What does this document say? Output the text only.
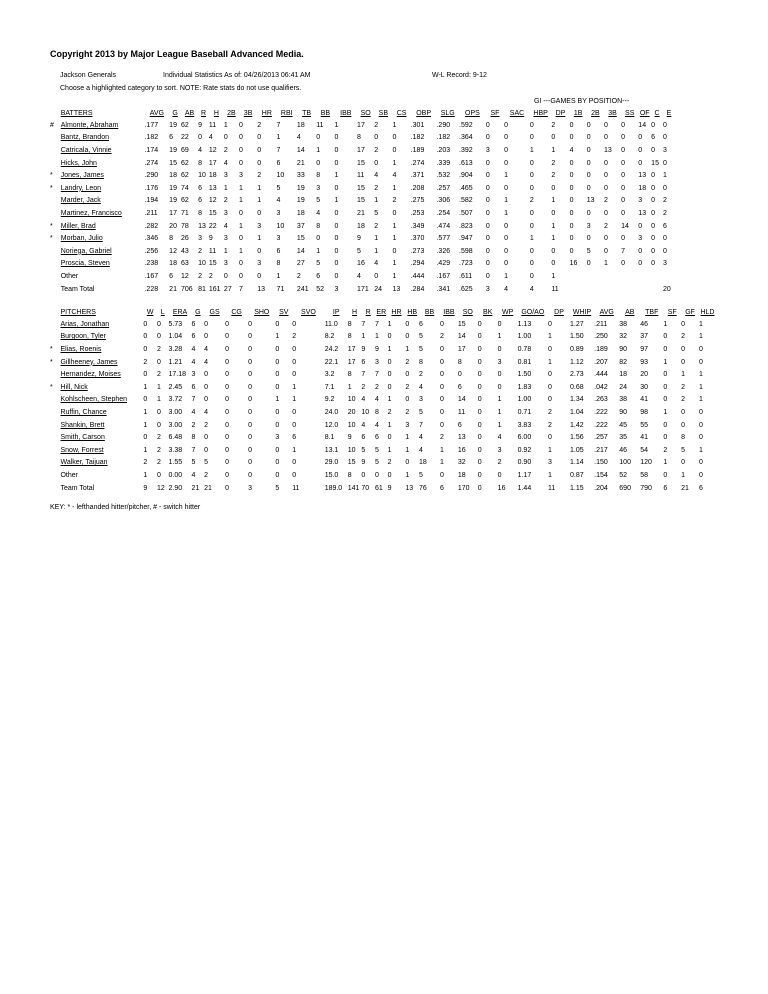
Copyright 2013 by Major League Baseball Advanced Media.
Jackson Generals	Individual Statistics As of: 04/26/2013 06:41 AM	W-L Record: 9-12
Choose a highlighted category to sort. NOTE: Rate stats do not use qualifiers.
GI ---GAMES BY POSITION---
	BATTERS	AVG	G	AB	R	H	2B	3B	HR	RBI	TB	BB	IBB	SO	SB	CS	OBP	SLG	OPS	SF	SAC	HBP	DP	1B	2B	3B	SS	OF	C	E
#	Almonte, Abraham	.177	19	62	9	11	1	0	2	7	18	11	1	17	2	1	.301	.290	.592	0	0	0	2	0	0	0	0	14	0	0
	Bantz, Brandon	.182	6	22	0	4	0	0	0	1	4	0	0	8	0	0	.182	.182	.364	0	0	0	0	0	0	0	0	0	6	0
	Catricala, Vinnie	.174	19	69	4	12	2	0	0	7	14	1	0	17	2	0	.189	.203	.392	3	0	1	1	4	0	13	0	0	0	3
	Hicks, John	.274	15	62	8	17	4	0	0	6	21	0	0	15	0	1	.274	.339	.613	0	0	0	2	0	0	0	0	0	15	0
*	Jones, James	.290	18	62	10	18	3	3	2	10	33	8	1	11	4	4	.371	.532	.904	0	1	0	2	0	0	0	0	13	0	1
*	Landry, Leon	.176	19	74	6	13	1	1	1	5	19	3	0	15	2	1	.208	.257	.465	0	0	0	0	0	0	0	0	18	0	0
	Marder, Jack	.194	19	62	6	12	2	1	1	4	19	5	1	15	1	2	.275	.306	.582	0	1	2	1	0	13	2	0	3	0	2
	Martinez, Francisco	.211	17	71	8	15	3	0	0	3	18	4	0	21	5	0	.253	.254	.507	0	1	0	0	0	0	0	0	13	0	2
*	Miller, Brad	.282	20	78	13	22	4	1	3	10	37	8	0	18	2	1	.349	.474	.823	0	0	0	1	0	3	2	14	0	0	6
*	Morban, Julio	.346	8	26	3	9	3	0	1	3	15	0	0	9	1	1	.370	.577	.947	0	0	1	1	0	0	0	0	3	0	0
	Noriega, Gabriel	.256	12	43	2	11	1	1	0	6	14	1	0	5	1	0	.273	.326	.598	0	0	0	0	0	5	0	7	0	0	0
	Proscia, Steven	.238	18	63	10	15	3	0	3	8	27	5	0	16	4	1	.294	.429	.723	0	0	0	0	16	0	1	0	0	0	3
	Other	.167	6	12	2	2	0	0	0	1	2	6	0	4	0	1	.444	.167	.611	0	1	0	1							
	Team Total	.228	21	706	81	161	27	7	13	71	241	52	3	171	24	13	.284	.341	.625	3	4	4	11							20
	PITCHERS	W	L	ERA	G	GS	CG	SHO	SV	SVO	IP	H	R	ER	HR	HB	BB	IBB	SO	BK	WP	GO/AO	DP	WHIP	AVG	AB	TBF	SF	GF	HLD
	Arias, Jonathan	0	0	5.73	6	0	0	0	0	0	11.0	8	7	7	1	0	6	0	15	0	0	1.13	0	1.27	.211	38	46	1	0	1
	Burgoon, Tyler	0	0	1.04	6	0	0	0	1	2	8.2	8	1	1	0	0	5	2	14	0	1	1.00	1	1.50	.250	32	37	0	2	1
*	Elias, Roenis	0	2	3.28	4	4	0	0	0	0	24.2	17	9	9	1	1	5	0	17	0	0	0.78	0	0.89	.189	90	97	0	0	0
*	Gillheeney, James	2	0	1.21	4	4	0	0	0	0	22.1	17	6	3	0	2	8	0	8	0	3	0.81	1	1.12	.207	82	93	1	0	0
	Hernandez, Moises	0	2	17.18	3	0	0	0	0	0	3.2	8	7	7	0	0	2	0	0	0	0	1.50	0	2.73	.444	18	20	0	1	1
*	Hill, Nick	1	1	2.45	6	0	0	0	0	1	7.1	1	2	2	0	2	4	0	6	0	0	1.83	0	0.68	.042	24	30	0	2	1
	Kohlscheen, Stephen	0	1	3.72	7	0	0	0	1	1	9.2	10	4	4	1	0	3	0	14	0	1	1.00	0	1.34	.263	38	41	0	2	1
	Ruffin, Chance	1	0	3.00	4	4	0	0	0	0	24.0	20	10	8	2	2	5	0	11	0	1	0.71	2	1.04	.222	90	98	1	0	0
	Shankin, Brett	1	0	3.00	2	2	0	0	0	0	12.0	10	4	4	1	3	7	0	6	0	1	3.83	2	1.42	.222	45	55	0	0	0
	Smith, Carson	0	2	6.48	8	0	0	0	3	6	8.1	9	6	6	0	1	4	2	13	0	4	6.00	0	1.56	.257	35	41	0	8	0
	Snow, Forrest	1	2	3.38	7	0	0	0	0	1	13.1	10	5	5	1	1	4	1	16	0	3	0.92	1	1.05	.217	46	54	2	5	1
	Walker, Taijuan	2	2	1.55	5	5	0	0	0	0	29.0	15	9	5	2	0	18	1	32	0	2	0.90	3	1.14	.150	100	120	1	0	0
	Other	1	0	0.00	4	2	0	0	0	0	15.0	8	0	0	0	1	5	0	18	0	0	1.17	1	0.87	.154	52	58	0	1	0
	Team Total	9	12	2.90	21	21	0	3	5	11	189.0	141	70	61	9	13	76	6	170	0	16	1.44	11	1.15	.204	690	790	6	21	6
KEY: * - lefthanded hitter/pitcher, # - switch hitter
